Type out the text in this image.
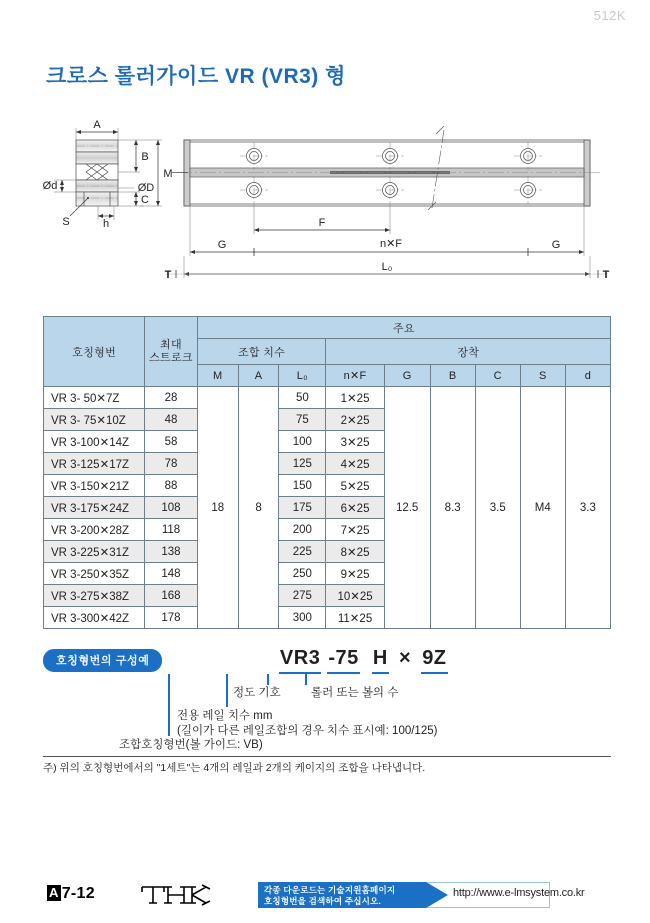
512K
크로스 롤러가이드 VR (VR3) 형
A
B
C
M
ØD
Ød
S	h	F
n✕F
G	G
L₀
T	T
호칭형번	최대
스트로크	주요								
		조합 치수			장착					
		M	A	L₀	n✕F	G	B	C	S	d
VR 3- 50✕7Z	28	18	8	50	1✕25	12.5	8.3	3.5	M4	3.3
VR 3- 75✕10Z	48			75	2✕25					
VR 3-100✕14Z	58			100	3✕25					
VR 3-125✕17Z	78			125	4✕25					
VR 3-150✕21Z	88			150	5✕25					
VR 3-175✕24Z	108			175	6✕25					
VR 3-200✕28Z	118			200	7✕25					
VR 3-225✕31Z	138			225	8✕25					
VR 3-250✕35Z	148			250	9✕25					
VR 3-275✕38Z	168			275	10✕25					
VR 3-300✕42Z	178			300	11✕25					
호칭형번의 구성예	VR3 -75 H × 9Z
정도 기호	롤러 또는 볼의 수
전용 레일 치수 mm
(길이가 다른 레일조합의 경우 치수 표시예: 100/125)
조합호칭형번(볼 가이드: VB)
주) 위의 호칭형번에서의 "1세트"는 4개의 레일과 2개의 케이지의 조합을 나타냅니다.
A 7-12	각종 다운로드는 기술지원홈페이지
호칭형번을 검색하여 주십시오.
http://www.e-lmsystem.co.kr
